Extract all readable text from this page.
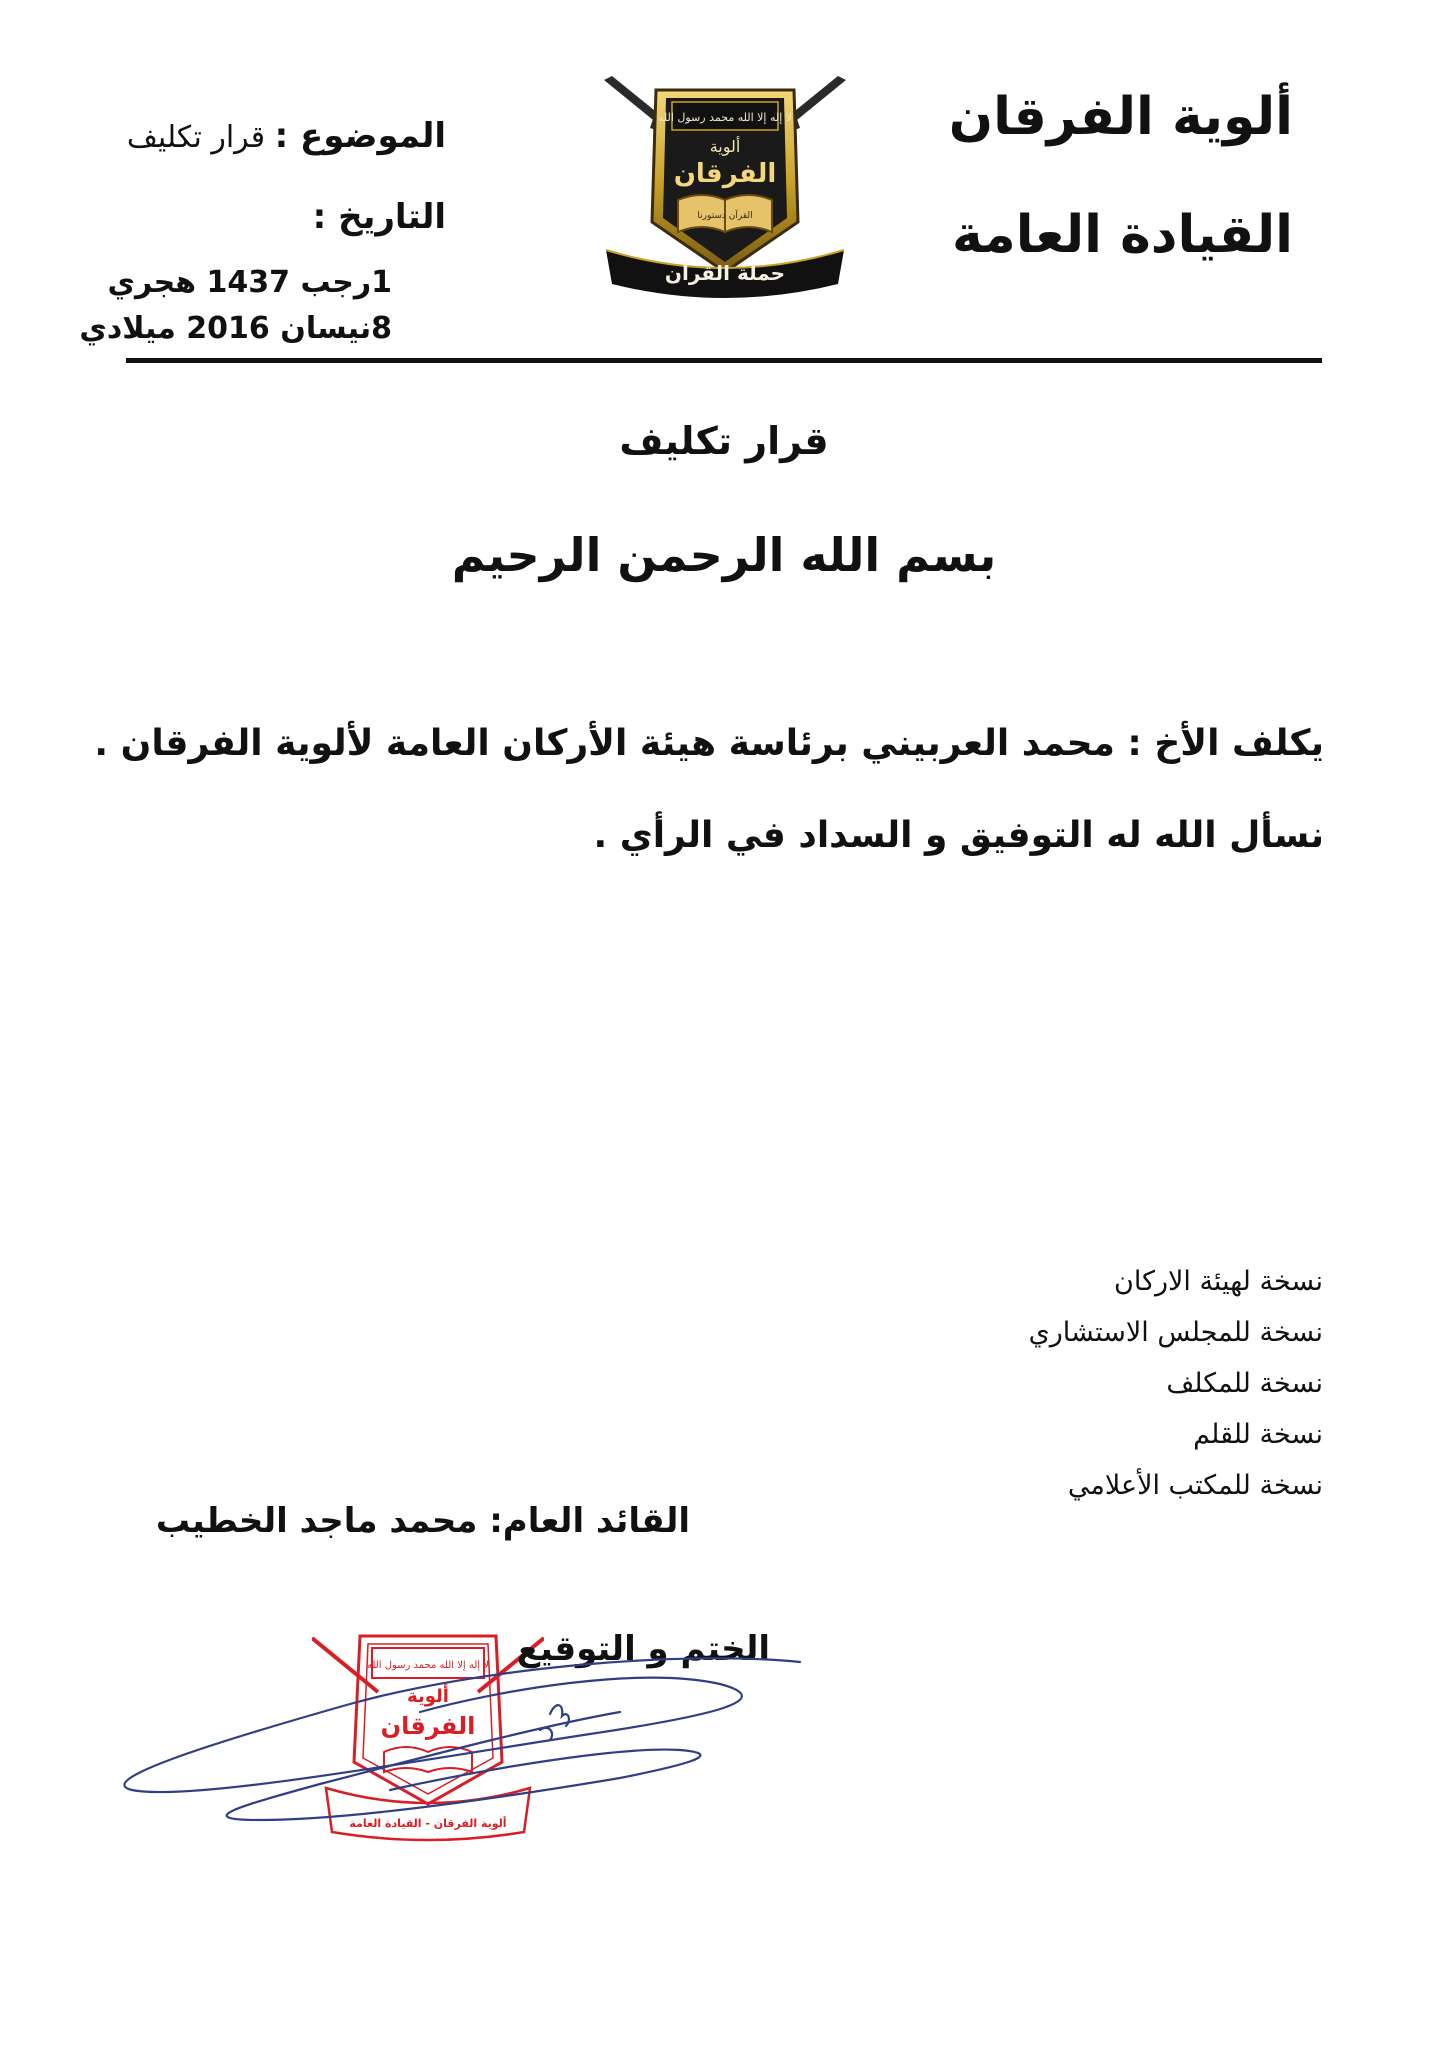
ألوية الفرقان
القيادة العامة
لا إله إلا الله محمد رسول الله
ألوية
الفرقان
القرآن دستورنا
حملة القرآن
الموضوع : قرار تكليف
التاريخ :
1رجب 1437 هجري
8نيسان 2016 ميلادي
قرار تكليف
بسم الله الرحمن الرحيم
يكلف الأخ : محمد العربيني برئاسة هيئة الأركان العامة لألوية الفرقان .
نسأل الله له التوفيق و السداد في الرأي .
نسخة لهيئة الاركان
نسخة للمجلس الاستشاري
نسخة للمكلف
نسخة للقلم
نسخة للمكتب الأعلامي
القائد العام: محمد ماجد الخطيب
لا إله إلا الله محمد رسول الله
ألوية
الفرقان
ألوية الفرقان - القيادة العامة
الختم و التوقيع
